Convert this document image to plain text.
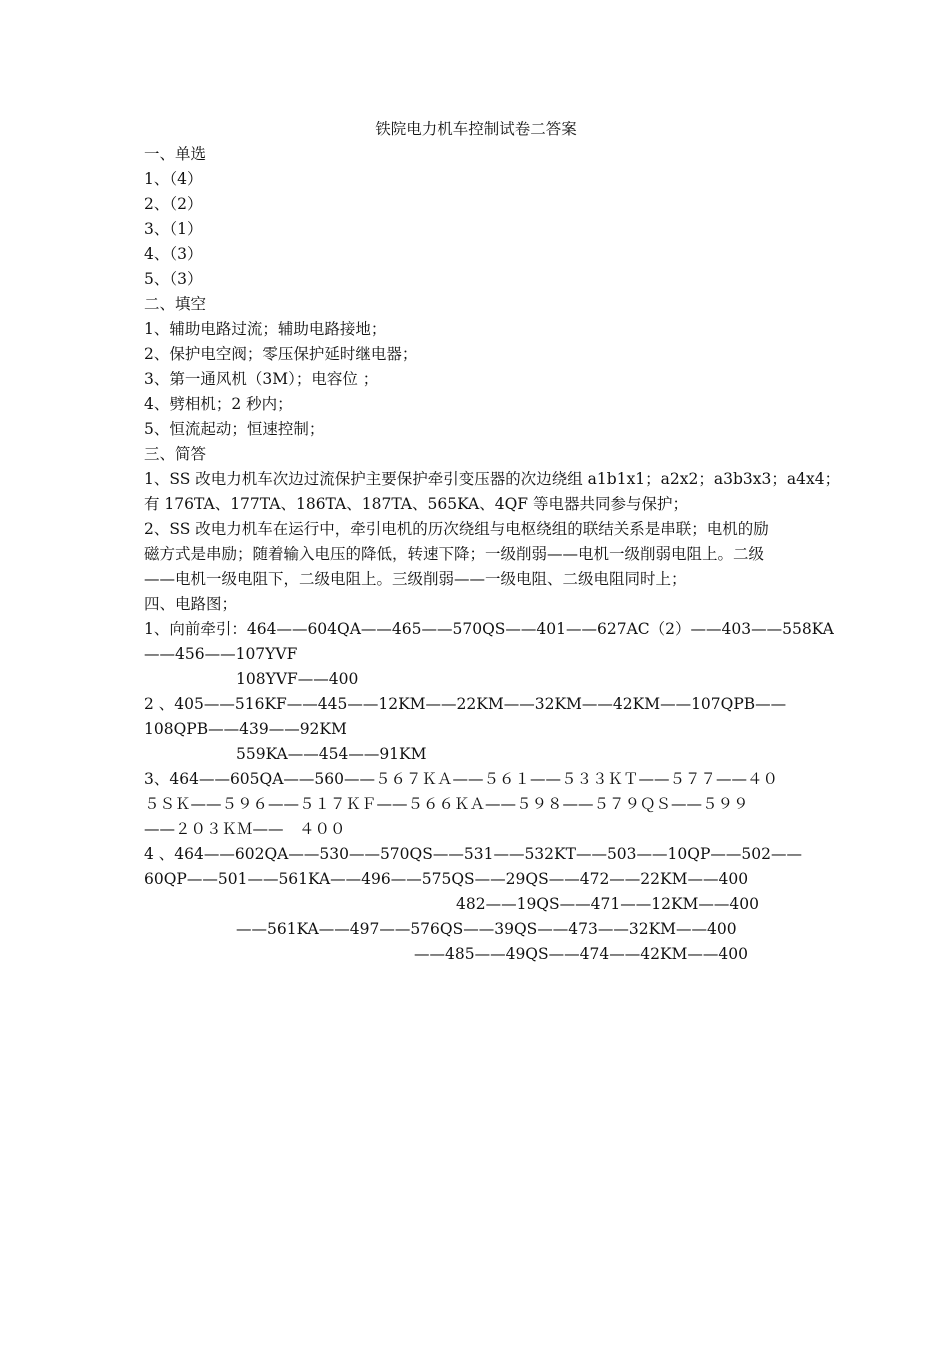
铁院电力机车控制试卷二答案
一、单选
1、（4）
2、（2）
3、（1）
4、（3）
5、（3）
二、填空
1、辅助电路过流；辅助电路接地；
2、保护电空阀；零压保护延时继电器；
3、第一通风机（3M）；电容位 ；
4、劈相机；2 秒内；
5、恒流起动；恒速控制；
三、简答
1、SS 改电力机车次边过流保护主要保护牵引变压器的次边绕组 a1b1x1；a2x2；a3b3x3；a4x4；
有 176TA、177TA、186TA、187TA、565KA、4QF 等电器共同参与保护；
2、SS 改电力机车在运行中，牵引电机的历次绕组与电枢绕组的联结关系是串联；电机的励
磁方式是串励；随着输入电压的降低，转速下降；一级削弱——电机一级削弱电阻上。二级
——电机一级电阻下，二级电阻上。三级削弱——一级电阻、二级电阻同时上；
四、电路图；
1、向前牵引：464——604QA——465——570QS——401——627AC（2）——403——558KA
——456——107YVF
108YVF——400
2 、405——516KF——445——12KM——22KM——32KM——42KM——107QPB——
108QPB——439——92KM
559KA——454——91KM
3、464——605QA——560——５６７ＫＡ——５６１——５３３ＫＴ——５７７——４０
５ＳＫ——５９６——５１７ＫＦ——５６６ＫＡ——５９８——５７９ＱＳ——５９９
——２０３ＫＭ——　４００
4 、464——602QA——530——570QS——531——532KT——503——10QP——502——
60QP——501——561KA——496——575QS——29QS——472——22KM——400
482——19QS——471——12KM——400
——561KA——497——576QS——39QS——473——32KM——400
——485——49QS——474——42KM——400
